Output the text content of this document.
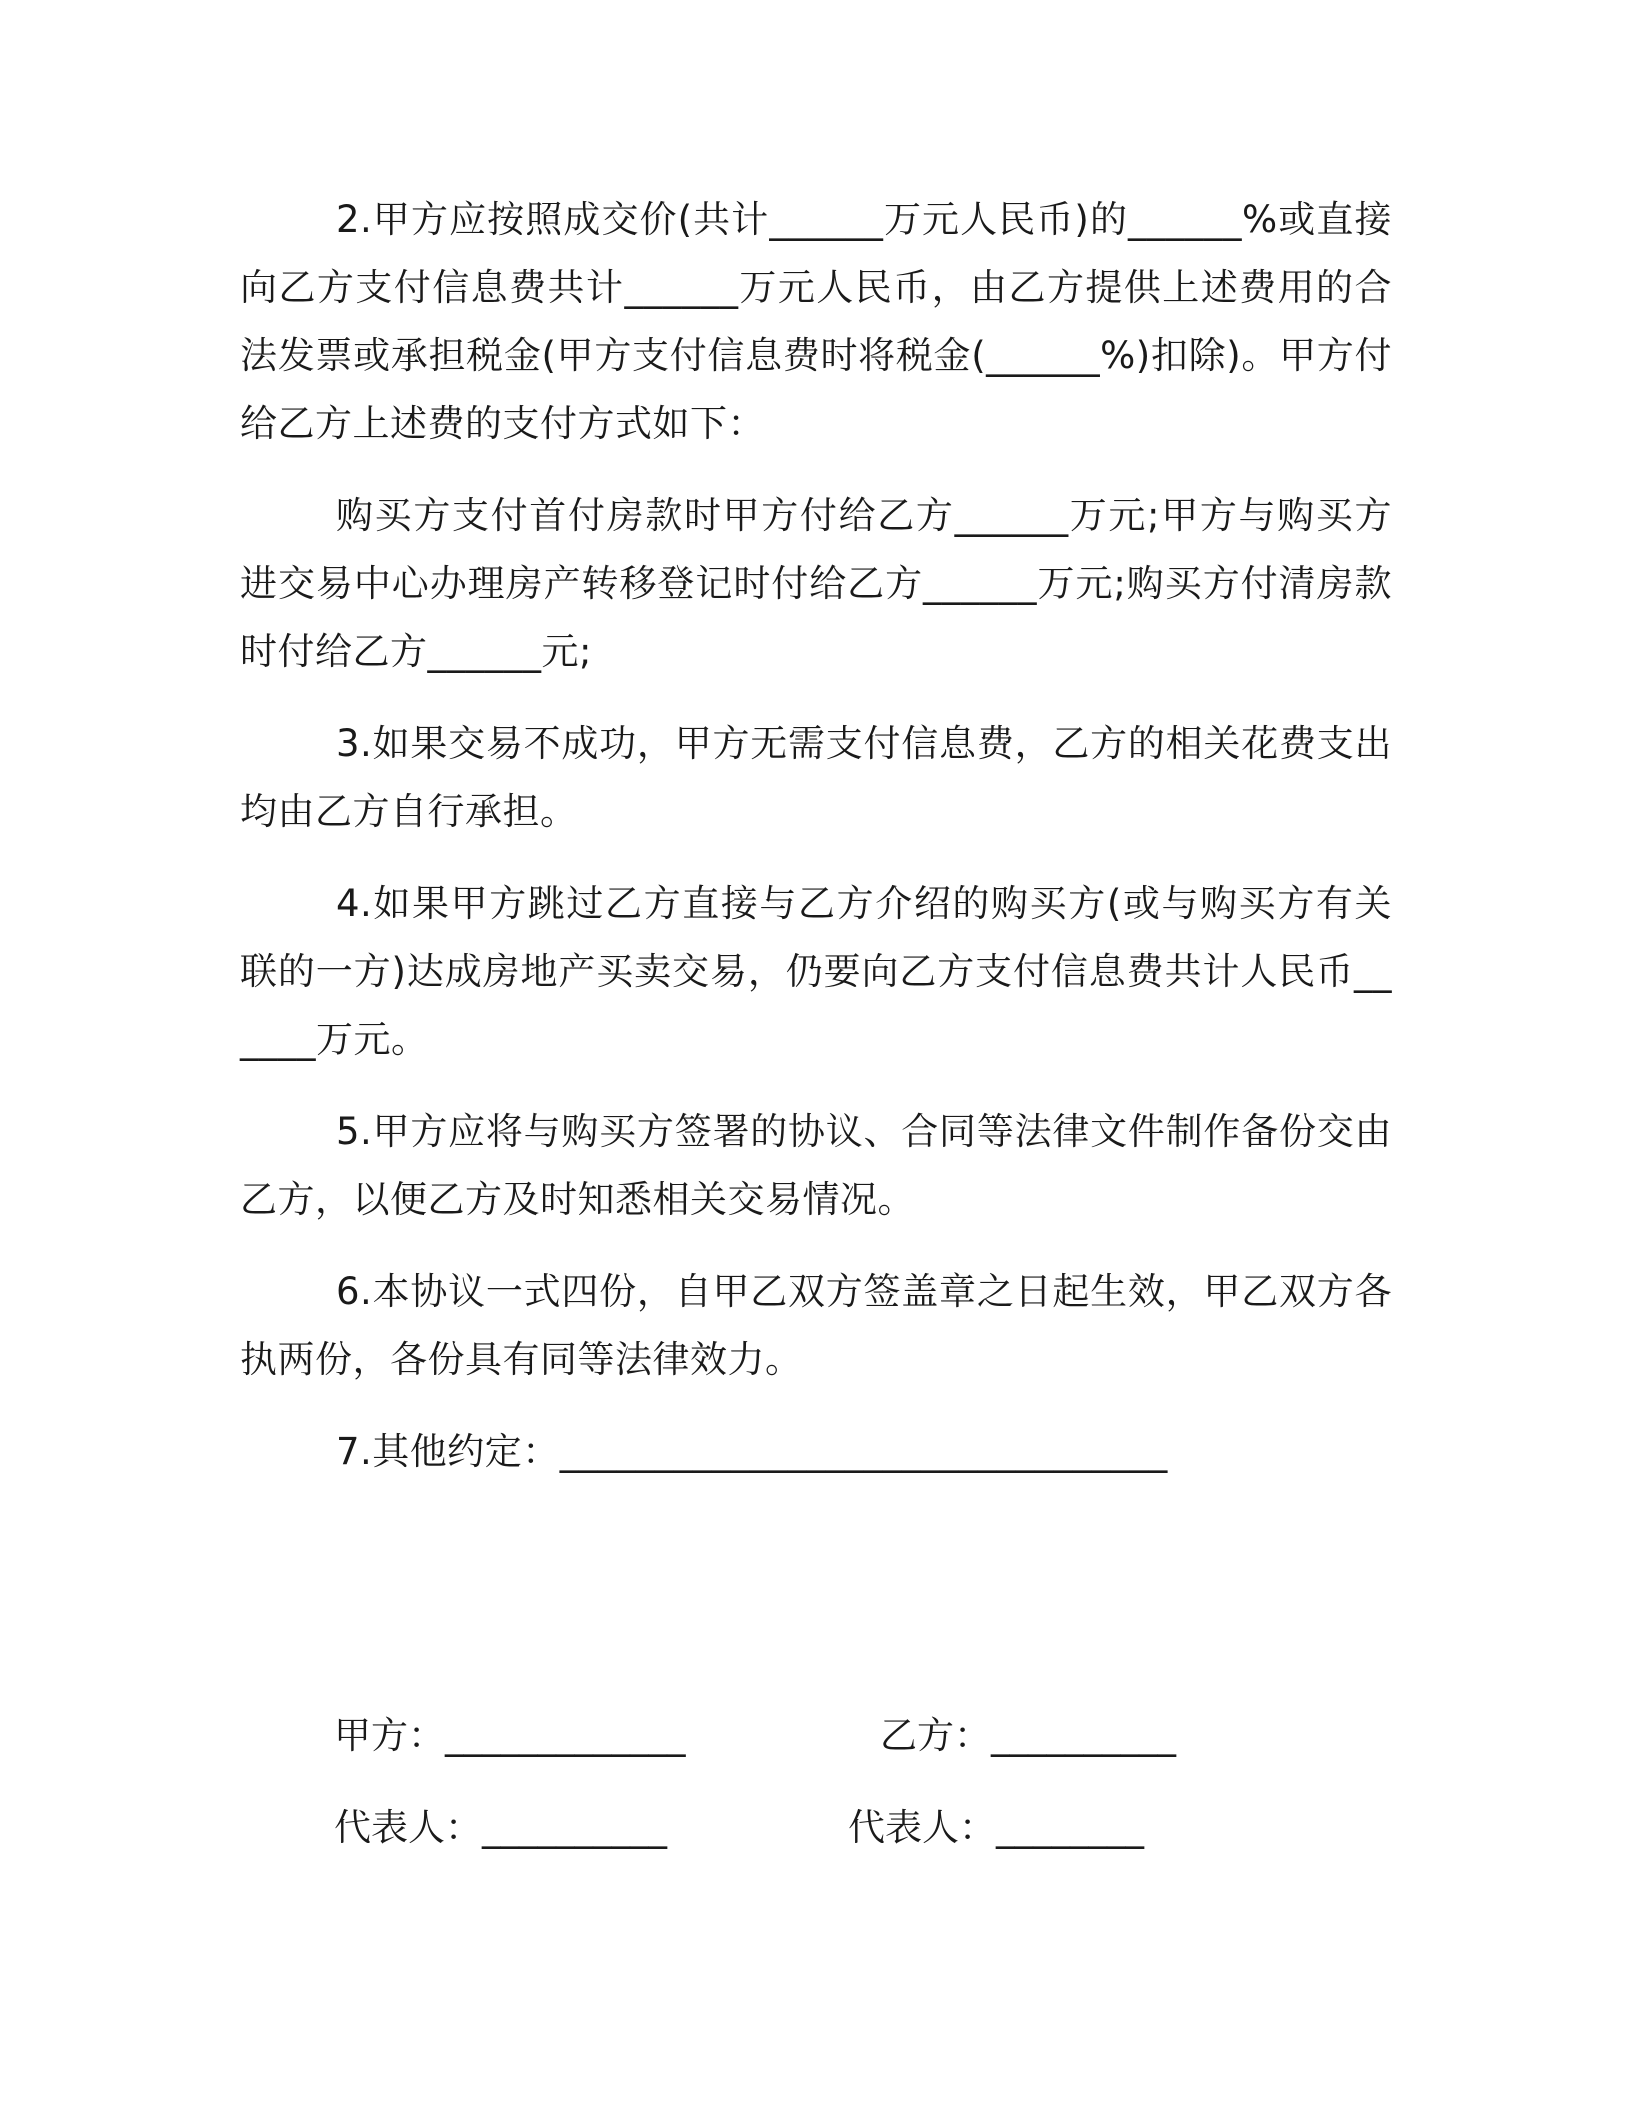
2.甲方应按照成交价(共计______万元人民币)的______%或直接向乙方支付信息费共计______万元人民币，由乙方提供上述费用的合法发票或承担税金(甲方支付信息费时将税金(______%)扣除)。甲方付给乙方上述费的支付方式如下：

购买方支付首付房款时甲方付给乙方______万元;甲方与购买方进交易中心办理房产转移登记时付给乙方______万元;购买方付清房款时付给乙方______元;

3.如果交易不成功，甲方无需支付信息费，乙方的相关花费支出均由乙方自行承担。

4.如果甲方跳过乙方直接与乙方介绍的购买方(或与购买方有关联的一方)达成房地产买卖交易，仍要向乙方支付信息费共计人民币______万元。

5.甲方应将与购买方签署的协议、合同等法律文件制作备份交由乙方，以便乙方及时知悉相关交易情况。

6.本协议一式四份，自甲乙双方签盖章之日起生效，甲乙双方各执两份，各份具有同等法律效力。

7.其他约定：________________________________

甲方：_____________	乙方：__________
代表人：__________	代表人：________
